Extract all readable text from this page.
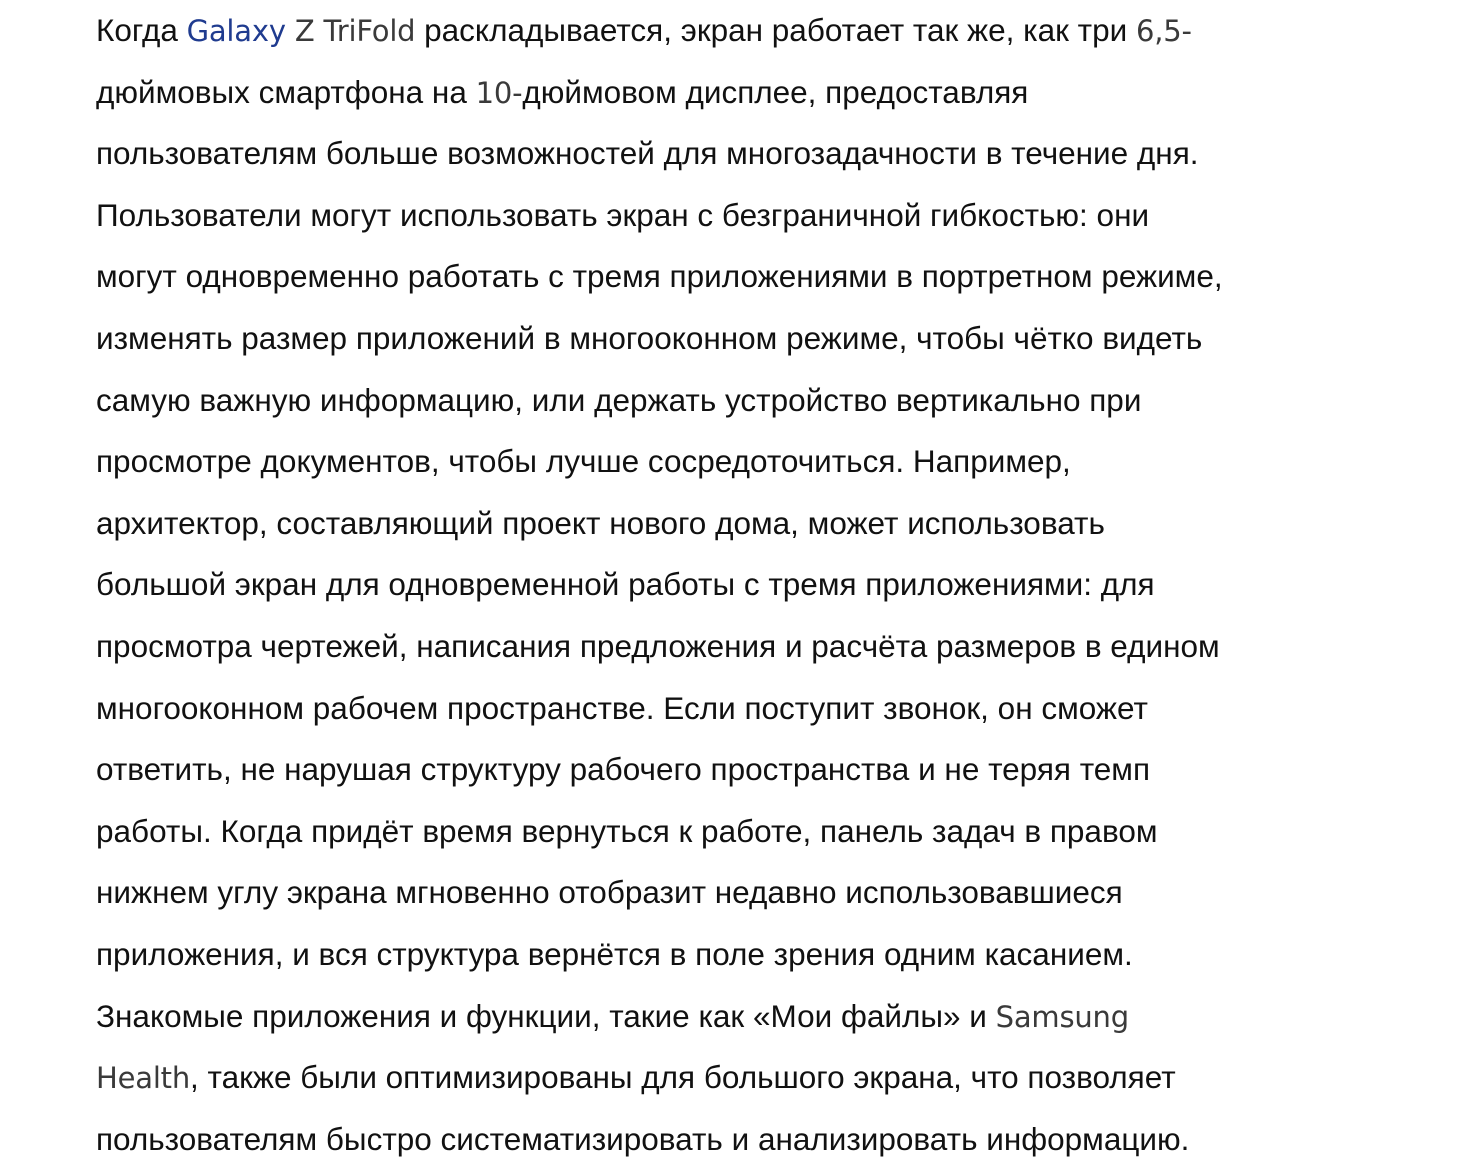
Когда Galaxy Z TriFold раскладывается, экран работает так же, как три 6,5-
дюймовых смартфона на 10-дюймовом дисплее, предоставляя
пользователям больше возможностей для многозадачности в течение дня.
Пользователи могут использовать экран с безграничной гибкостью: они
могут одновременно работать с тремя приложениями в портретном режиме,
изменять размер приложений в многооконном режиме, чтобы чётко видеть
самую важную информацию, или держать устройство вертикально при
просмотре документов, чтобы лучше сосредоточиться. Например,
архитектор, составляющий проект нового дома, может использовать
большой экран для одновременной работы с тремя приложениями: для
просмотра чертежей, написания предложения и расчёта размеров в едином
многооконном рабочем пространстве. Если поступит звонок, он сможет
ответить, не нарушая структуру рабочего пространства и не теряя темп
работы. Когда придёт время вернуться к работе, панель задач в правом
нижнем углу экрана мгновенно отобразит недавно использовавшиеся
приложения, и вся структура вернётся в поле зрения одним касанием.
Знакомые приложения и функции, такие как «Мои файлы» и Samsung
Health, также были оптимизированы для большого экрана, что позволяет
пользователям быстро систематизировать и анализировать информацию.
